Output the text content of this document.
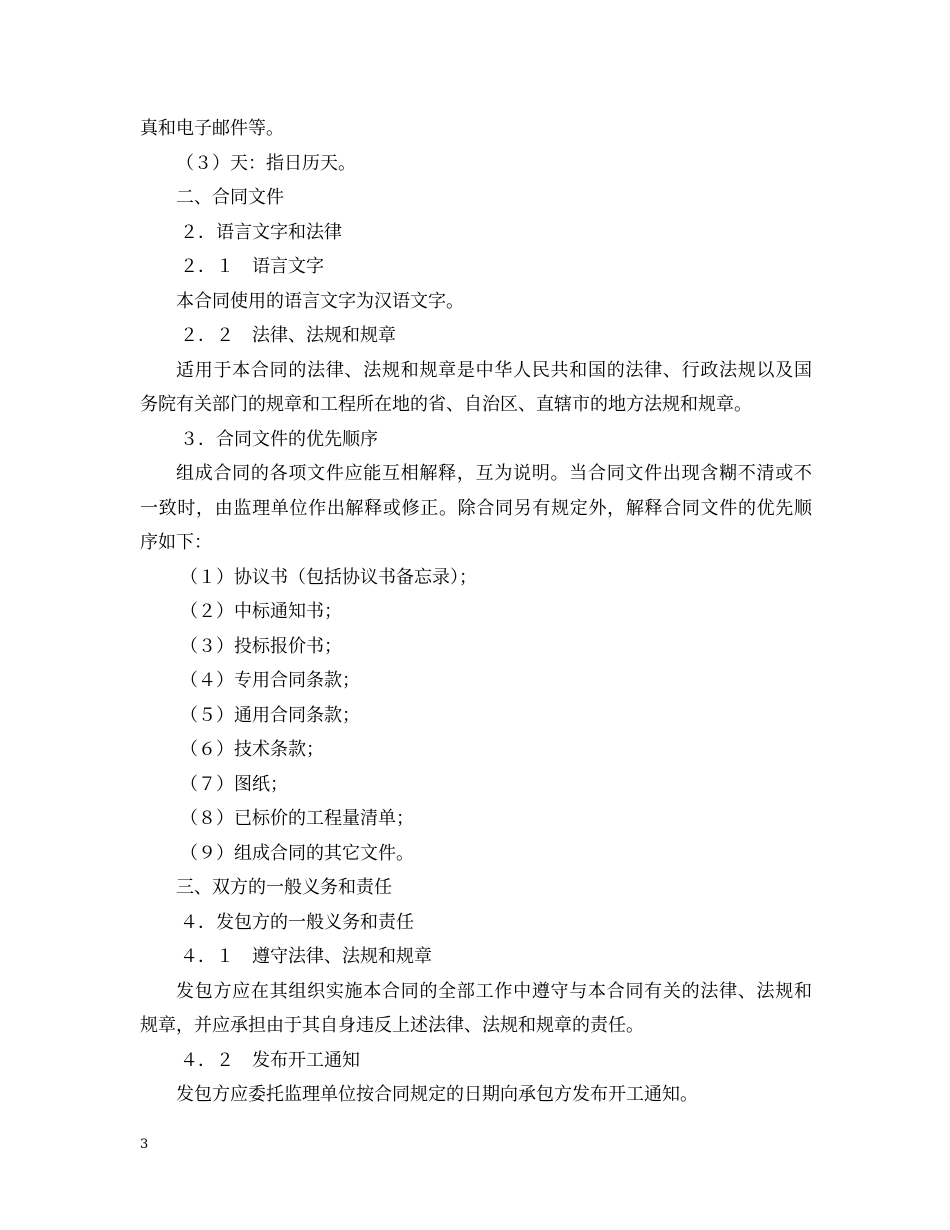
真和电子邮件等。
（３）天：指日历天。
二、合同文件
２．语言文字和法律
２．１　语言文字
本合同使用的语言文字为汉语文字。
２．２　法律、法规和规章
适用于本合同的法律、法规和规章是中华人民共和国的法律、行政法规以及国
务院有关部门的规章和工程所在地的省、自治区、直辖市的地方法规和规章。
３．合同文件的优先顺序
组成合同的各项文件应能互相解释，互为说明。当合同文件出现含糊不清或不
一致时，由监理单位作出解释或修正。除合同另有规定外，解释合同文件的优先顺
序如下：
（１）协议书（包括协议书备忘录）；
（２）中标通知书；
（３）投标报价书；
（４）专用合同条款；
（５）通用合同条款；
（６）技术条款；
（７）图纸；
（８）已标价的工程量清单；
（９）组成合同的其它文件。
三、双方的一般义务和责任
４．发包方的一般义务和责任
４．１　遵守法律、法规和规章
发包方应在其组织实施本合同的全部工作中遵守与本合同有关的法律、法规和
规章，并应承担由于其自身违反上述法律、法规和规章的责任。
４．２　发布开工通知
发包方应委托监理单位按合同规定的日期向承包方发布开工通知。
3
